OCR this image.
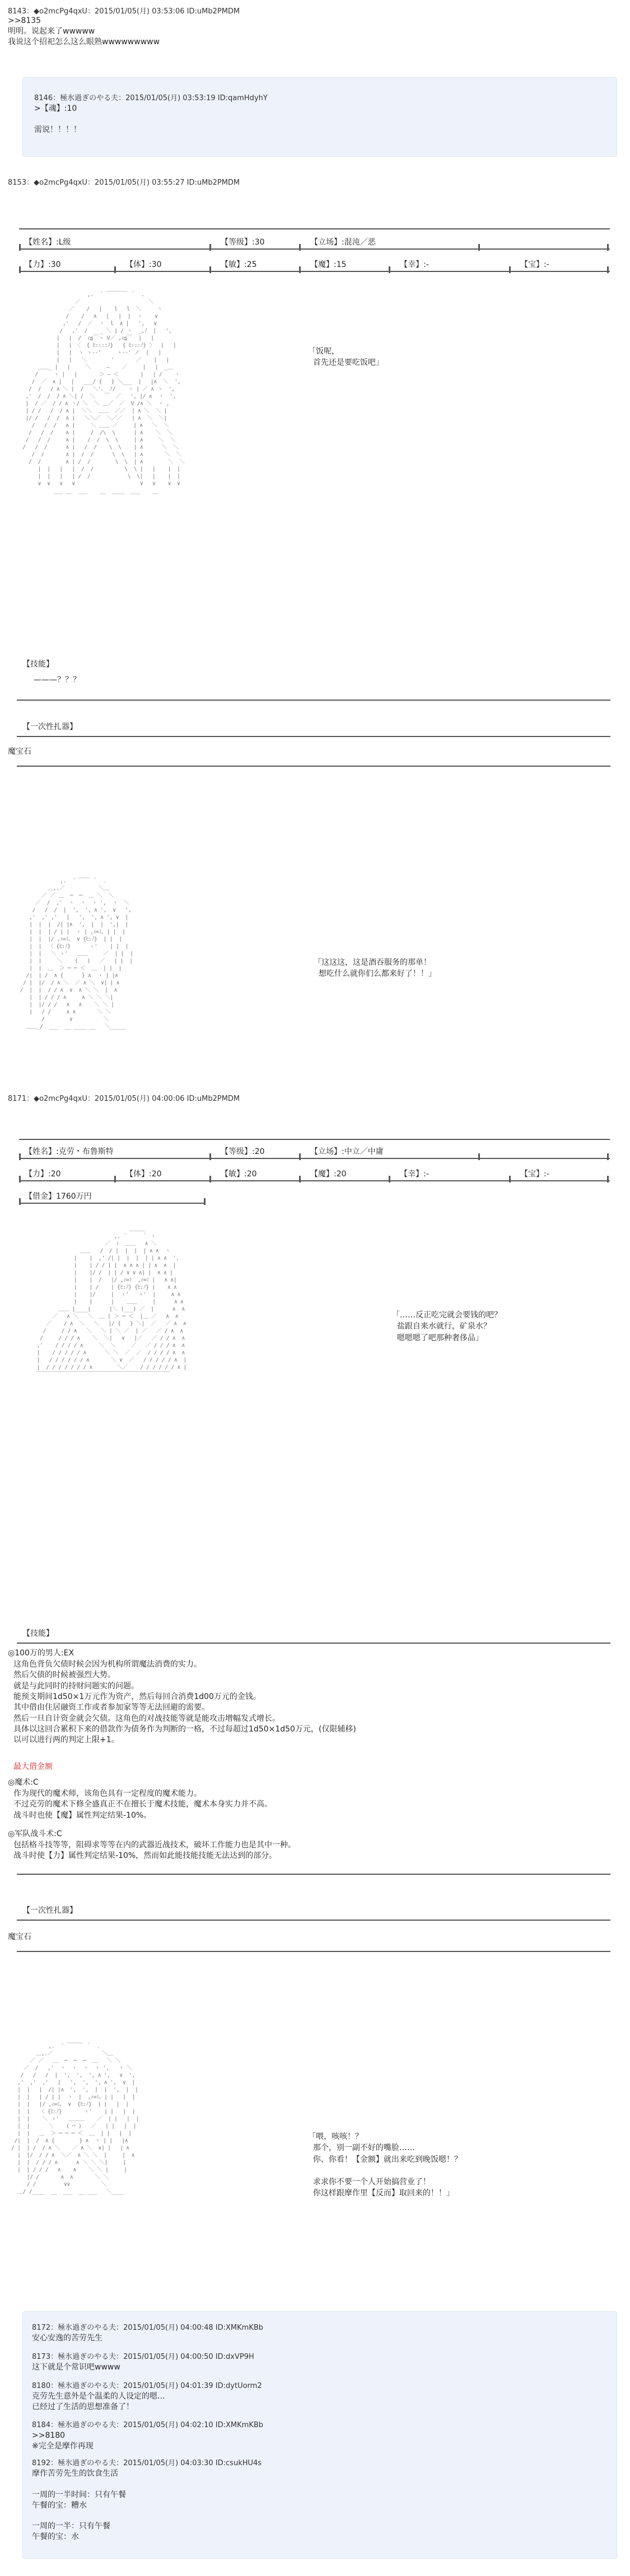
8143：◆o2mcPg4qxU：2015/01/05(月) 03:53:06 ID:uMb2PMDM
>>8135
明明。说起来了wwwww
我说这个招祀怎么这么眼熟wwwwwwwww
8146：極氷過ぎのやる夫：2015/01/05(月) 03:53:19 ID:qamHdyhY
>【魂】:10

需说！！！！
8153：◆o2mcPg4qxU：2015/01/05(月) 03:55:27 ID:uMb2PMDM
【姓名】:L级	【等级】:30	【立场】:混沌／恶
【力】:30	【体】:30	【敏】:25	【魔】:15	【幸】:-	【宝】:-
,.  ´ ￣￣￣￣ ｀  、
／                      ＼
／    /   |    l   l  ＼     ヽ
/    /   ∧   |   |  |  ヽ    ∨
,'   /  ／  ヽ  l  ∧ |   ',   ∨
/   ,'  /    _ ＼ | / ヽ  _,ﾉ  |   ',
|   |  /  ｨ≦￣ヽ V／ ,ｨ≦￣  |   |
|   | 〈  { ﾋ::::ﾉ}   { ﾋ:::ﾉ} 〉  |   |
|   |  ヽ ゝ--'     ゝ--' ノ  |   |
|   |   ＼        '       ／    |   |
＿＿_ |   |     ＼     ―    ／     |   |  _＿
/     ヽ |   |       ＞ ― ＜       |   | /    ヽ
/  ／  ∧ |   |   ___/ {   } ＼___  |   |∧  ＼  ',
/  /   / ∧ ＼ |  /   ＼'､  ﾉ/    ヽ | ／ ∧ ヽ  ',
,'  /  /  / ∧ ＼| /  ＼   ￣  ／   ', |/ ∧  ヽ  ',
|  / ／  / / ∧ ヽ/ ＼  ＼ ＿／  ／  V /∧ ＼  ヽ ,
| / /   /  / ∧ |  ＼＼  ＿＿  ／／  | ∧ ＼  ＼ |
|/ /   /  /  ∧ |   ＼＼／  ＼／／   | ∧  ＼  ＼|
/   /  /   ∧ |     ＼ ＿＿ ／     | ∧   ＼  ＼
/   /  /    ∧ |     /  /\  \      | ∧    ＼  ＼
/   /  /     ∧ |    /  /  \  \     | ∧     ＼  ＼
/   /  /      ∧ |   /  /    \  \    | ∧      ＼  ＼
/  /       ∧ |  /  /      \  \   | ∧       ＼  ＼
/  /        ∧ | /  /        \  \  | ∧        ＼  ＼
|  |   |   |  /  /          \  \ |   |    |  |
|  |   |   | /  /            \  \|   |    |  |
∨  ∨   ∨   ∨                     ∨   ∨    ∨  ∨
___ __  ___    __  ____  ___    __
「饭呢，
首先还是要吃饭吧」
【技能】
———？？？
【一次性扎器】
魔宝石
,.  ´ ￣￣ ｀  ､
＿,.／           ＼＿
／ ／ ＿  ─  ─  ＿ ＼  ＼
／  /  ,'  ヽ  ヽ  ヽ ',  ヽ  ＼
/   /  /  |  ',  ', ∧ ',  ∨   ',
,'  ,' ,'   |   ',  ', ∧ ', ∨  |
|  |  |  /| |∧  ',  |  |  ',|  |
|  |  | / | |  ヽ | ,ｨ=ﾐ、| |  |
|  |  |/ ,ｨ=ﾐ、 ∨ {ﾋ:ﾉ}  | |  |
|  |  〈 {ﾋ:ﾉ}      ゝ'    | |  |
|  |   ＼ ゝ'   ＿＿     ／  | |  |
|  |     ＼    (   )   ／   | |  |
|  |  ＿  ＞ ─ ─ ＜  ＿  | |  |
/|  | /  ∧ {      } ∧  ヽ | |∧
/ |  |/  / ∧ ＼  ／ ∧ ＼  ∨| | ∧
/  |  |  / / ∧  ∨  ∧ ＼ ＼  |  ∧
|  | / / / ∧     ∧ ＼ ＼ ＼|
|  |/ / /   ∧   ∧    ＼ ＼ |
|   / /     ∧ ∧       ＼ ＼
/        ∨          ＼
＿＿_/  ___  __ ____ __   ＼_____
「这这这，这是酒吞服务的那单！
想吃什么就你们么都来好了！！」
8171：◆o2mcPg4qxU：2015/01/05(月) 04:00:06 ID:uMb2PMDM
【姓名】:克劳・布鲁斯特	【等级】:20	【立场】:中立／中庸
【力】:20	【体】:20	【敏】:20	【魔】:20	【幸】:-	【宝】:-
【借金】1760万円
＿＿＿
,. ´     ｀ ヽ
／  ｨ  ＿＿   ∧ ＼
＿＿   /  / |  |  |  | ∧ ∧  ヽ
|    |  ,' /| |  |  |  | | ∧ ∧  ',
|    | / / | |  ∧ ∧ ∧ | | ∧  ∧  |
|    |/ /  | | / ∨ ∨ ∧| |  ∧ ∧ |
|    |  /   |/ ,ｨ=ﾐ  ,ｨ=ﾐ |   ∧ ∧|
|    | /    | {ﾋ:ﾉ} {ﾋ:ﾉ} |    ∧ ∧
|    |/     |  ゝ'   ゝ'  |     ∧ ∧
|    |      |    ＿＿     |      ∧ ∧
＿＿ |____|      |＼ (___) ／  |      ∧  ∧
／   ∧ ＼   ＼  ＿ | ＞ ─ ＜  |＿ ／   ∧  ∧
／    / ∧  ＼   ＼   |/ {   } ＼|  ／   ／ ∧  ∧
/     / / ∧   ＼   ＼ | ＼ ／  | ／   ／ / ∧  ∧
/     / / / ∧    ＼  ＼|   ∨   |／   ／ / / ∧  ∧
,'    / / / / ∧     ＼  ＼     ／   ／ / / / ∧  ∧
|    / / / / / ∧      ＼ ＼  ／  ／  / / / / ∧  ∧
|   / / / / / / ∧       ＼ ∨  ／   / / / / / ∧  |
|  / / / / / / / ∧        ＼／    / / / / / / ∧ |
￣￣￣￣￣￣￣￣￣￣￣￣￣￣￣￣￣￣￣￣￣￣￣￣￣
「……反正吃完就会要钱的吧？
盐跟自来水就行，矿泉水？
嗯嗯嗯了吧那种奢侈品」
【技能】
◎100万的男人:EX
这角色背负欠债时候会因为机构所谓魔法消费的实力。
然后欠债的时候被强烈大势。
就是与此同时的持财问题实的问题。
能预支期间1d50×1万元作为资产，然后每回合消费1d00万元的金钱。
其中借由住居融资工作或者参加家等等无法回避的需要。
然后一旦自计资金就会欠债。这角色的对战技能等就是能攻击增幅发式增长。
具体以这回合累积下来的借款作为债务作为判断的一格，不过每超过1d50×1d50万元，(仅限辅移)
以可以进行两的判定上限+1。
最大借金额
◎魔术:C
作为现代的魔术师，该角色具有一定程度的魔术能力。
不过克劳的魔术下修全盛真正不在擅长于魔术技能，魔术本身实力并不高。
战斗时也使【魔】属性判定结果-10%。
◎军队战斗术:C
包括格斗技等等，阻碍求等等在内的武器近战技术，破坏工作能力也是其中一种。
战斗时使【力】属性判定结果-10%，然而如此能技能技能无法达到的部分。
【一次性扎器】
魔宝石
,.  ´ ￣￣￣ ｀  ､
＿,.／                ＼＿
／ ／   ＿  ─  ─  ─  ＿   ＼ ＼
／  /   ,'  ヽ  ヽ  ヽ  ヽ ',   ヽ ＼
/   /   /  |  ',  ',  ', ∧ ',   ∨  ',
,'  ,'  ,'   |   ',  ',  ', ∧ ',  ∨  |
|  |   |  /| |∧  ',  ',  |  |  ',  |  |
|  |   | / | |  ヽ  |  ,ｨ=ﾐ、| |   |  |
|  |   |/ ,ｨ=ﾐ、 ∨  {ﾋ:ﾉ}  | |   |  |
|  |   〈 {ﾋ:ﾉ}       ゝ'    | |   |  |
|  |    ＼ ゝ'   ＿＿＿    ／  | |   |  |
|  |      ＼    ( ⌒ )   ／   | |   |  |
|  |   ＿  ＞ ─ ─ ─ ＜  ＿  | |   |  |
/|  |  /  ∧ {        } ∧  ヽ | |   |∧
/ |  | /  / ∧ ＼    ／ ∧ ＼  ∨| |   | ∧
|  |/  / / ∧  ＼／  ∧ ＼ ＼  |     |  ∧
|  |  / / / ∧      ∧ ＼ ＼ ＼|     |
|  | / / /   ∧    ∧    ＼ ＼ |     |
|/ /       ∧  ∧       ＼ ＼
/ /         ∨∨          ＼
＿/ /____  __  ___  __ ___   ＼____
「喂，咳咳！？
那个，别一副不好的嘴脸……
你、你看！【金额】就出来吃到晚饭嗯！？

求求你不要一个人开始搞营业了！
你这样跟摩作里【反而】取回来的！！」
8172：極氷過ぎのやる夫：2015/01/05(月) 04:00:48 ID:XMKmKBb
安心安逸的苦劳先生
8173：極氷過ぎのやる夫：2015/01/05(月) 04:00:50 ID:dxVP9H
这下就是个常识吧wwww
8180：極氷過ぎのやる夫：2015/01/05(月) 04:01:39 ID:dytUorm2
克劳先生意外是个温柔的人设定的嗯...
已经过了生活的思想准备了！
8184：極氷過ぎのやる夫：2015/01/05(月) 04:02:10 ID:XMKmKBb
>>8180
※完全是摩作再现
8192：極氷過ぎのやる夫：2015/01/05(月) 04:03:30 ID:csukHU4s
摩作苦劳先生的饮食生活

一周的一半时间：只有午餐
午餐的宝：糟水

一周的一半：只有午餐
午餐的宝：水
